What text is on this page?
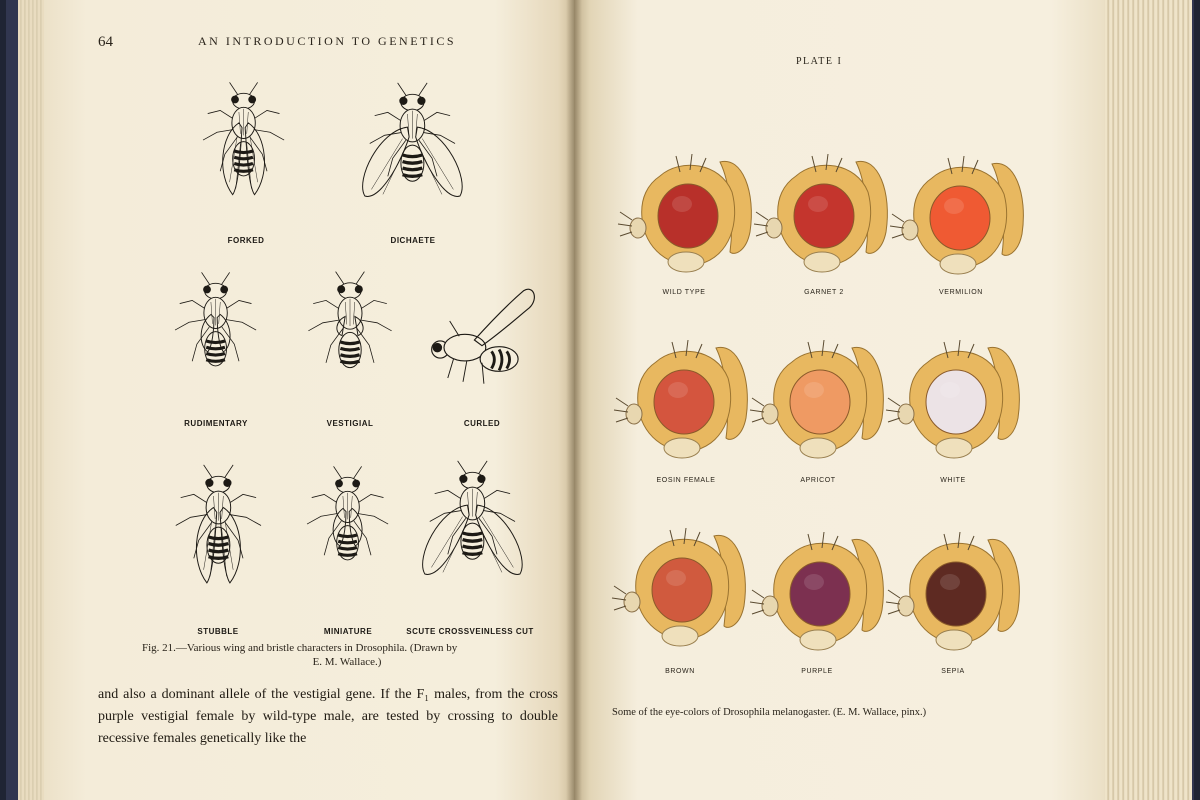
64	AN INTRODUCTION TO GENETICS
FORKED	DICHAETE
RUDIMENTARY	VESTIGIAL	CURLED
STUBBLE	MINIATURE	SCUTE CROSSVEINLESS CUT
Fig. 21.—Various wing and bristle characters in Drosophila. (Drawn by
E. M. Wallace.)
and also a dominant allele of the vestigial gene. If the F₁ males, from the cross purple vestigial female by wild-type male, are tested by crossing to double recessive females genetically like the
PLATE I
WILD TYPE	GARNET 2	VERMILION
EOSIN FEMALE	APRICOT	WHITE
BROWN	PURPLE	SEPIA
Some of the eye-colors of Drosophila melanogaster. (E. M. Wallace, pinx.)
